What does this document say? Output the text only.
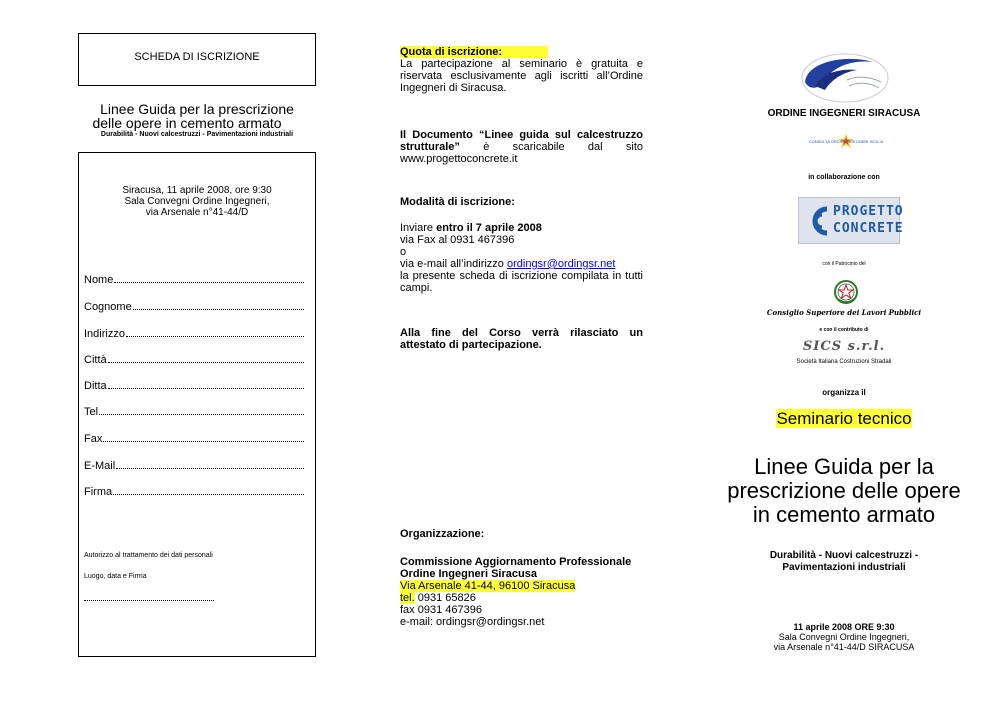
SCHEDA DI ISCRIZIONE
Linee Guida per la prescrizione
delle opere in cemento armato
Durabilità - Nuovi calcestruzzi - Pavimentazioni industriali
Siracusa, 11 aprile 2008, ore 9:30
Sala Convegni Ordine Ingegneri,
via Arsenale n°41-44/D
Nome
Cognome
Indirizzo
Città
Ditta
Tel
Fax
E-Mail
Firma
Autorizzo al trattamento dei dati personali
Luogo, data e Firma
Quota di iscrizione:
La partecipazione al seminario è gratuita e riservata esclusivamente agli iscritti all’Ordine Ingegneri di Siracusa.
Il Documento “Linee guida sul calcestruzzo strutturale” è scaricabile dal sito www.progettoconcrete.it
Modalità di iscrizione:
Inviare entro il 7 aprile 2008
via Fax al 0931 467396
o
via e-mail all’indirizzo ordingsr@ordingsr.net
la presente scheda di iscrizione compilata in tutti campi.
Alla fine del Corso verrà rilasciato un attestato di partecipazione.
Organizzazione:
Commissione Aggiornamento Professionale
Ordine Ingegneri Siracusa
Via Arsenale 41-44, 96100 Siracusa
tel. 0931 65826
fax 0931 467396
e-mail: ordingsr@ordingsr.net
ORDINE INGEGNERI SIRACUSA
CONSULTA ORDINI INGEGNERI SICILIA
in collaborazione con
PROGETTO
CONCRETE
con il Patrocinio del
Consiglio Superiore dei Lavori Pubblici
e con il contributo di
SICS s.r.l.
Società Italiana Costruzioni Stradali
organizza il
Seminario tecnico
Linee Guida per la
prescrizione delle opere
in cemento armato
Durabilità - Nuovi calcestruzzi -
Pavimentazioni industriali
11 aprile 2008 ORE 9:30
Sala Convegni Ordine Ingegneri,
via Arsenale n°41-44/D SIRACUSA
